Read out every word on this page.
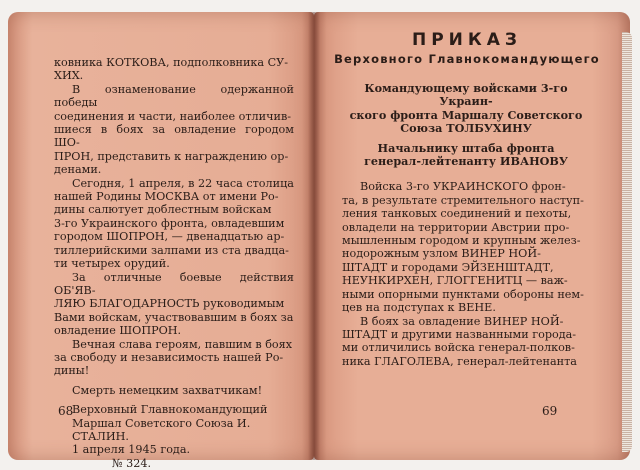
ковника КОТКОВА, подполковника СУ-

ХИХ.

В ознаменование одержанной победы

соединения и части, наиболее отличив-

шиеся в боях за овладение городом ШО-

ПРОН, представить к награждению ор-

денами.

Сегодня, 1 апреля, в 22 часа столица

нашей Родины МОСКВА от имени Ро-

дины салютует доблестным войскам

3-го Украинского фронта, овладевшим

городом ШОПРОН, — двенадцатью ар-

тиллерийскими залпами из ста двадца-

ти четырех орудий.

За отличные боевые действия ОБ'ЯВ-

ЛЯЮ БЛАГОДАРНОСТЬ руководимым

Вами войскам, участвовавшим в боях за

овладение ШОПРОН.

Вечная слава героям, павшим в боях

за свободу и независимость нашей Ро-

дины!

Смерть немецким захватчикам!

Верховный Главнокомандующий

Маршал Советского Союза И. СТАЛИН.

1 апреля 1945 года.

№ 324.

68
ПРИКАЗ
Верховного Главнокомандующего

Командующему войсками 3-го Украин-

ского фронта Маршалу Советского

Союза ТОЛБУХИНУ

Начальнику штаба фронта

генерал-лейтенанту ИВАНОВУ

Войска 3-го УКРАИНСКОГО фрон-

та, в результате стремительного наступ-

ления танковых соединений и пехоты,

овладели на территории Австрии про-

мышленным городом и крупным желез-

нодорожным узлом ВИНЕР НОЙ-

ШТАДТ и городами ЭЙЗЕНШТАДТ,

НЕУНКИРХЕН, ГЛОГГЕНИТЦ — важ-

ными опорными пунктами обороны нем-

цев на подступах к ВЕНЕ.

В боях за овладение ВИНЕР НОЙ-

ШТАДТ и другими названными города-

ми отличились войска генерал-полков-

ника ГЛАГОЛЕВА, генерал-лейтенанта

69
